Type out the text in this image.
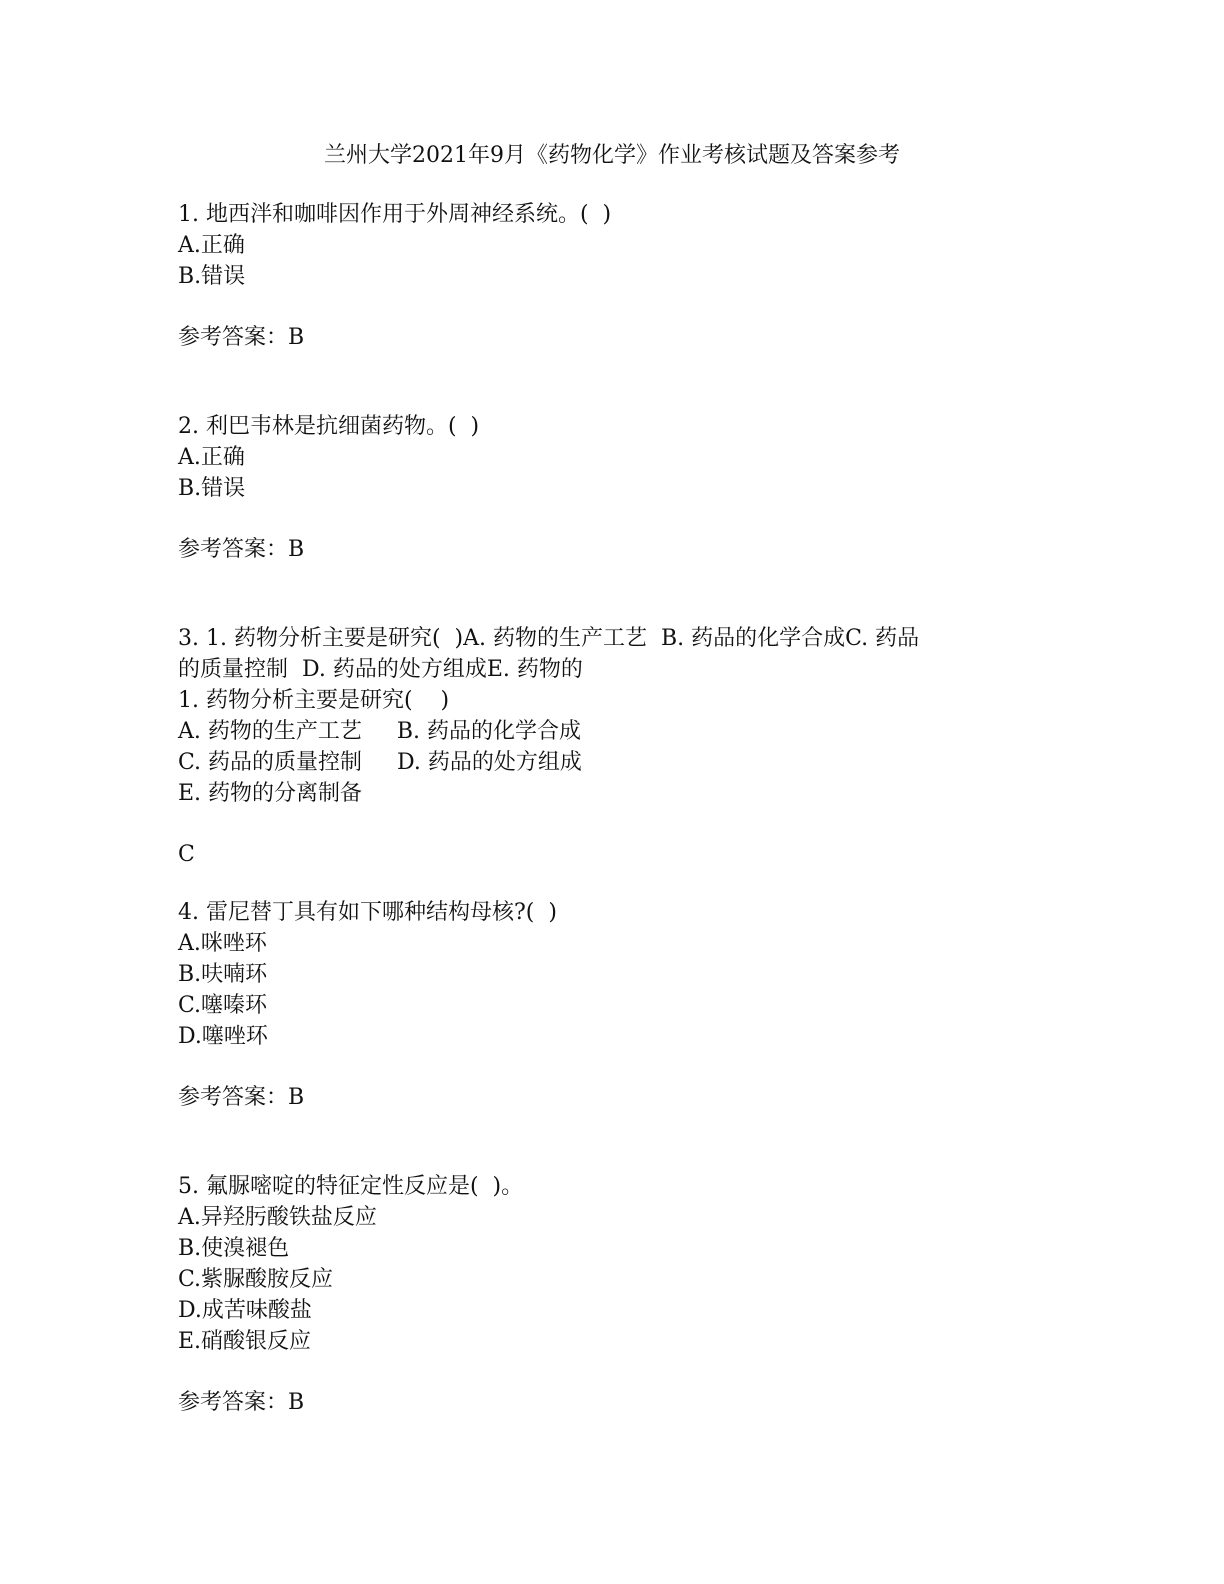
兰州大学2021年9月《药物化学》作业考核试题及答案参考
1. 地西泮和咖啡因作用于外周神经系统。(  )
A.正确
B.错误
参考答案：B
2. 利巴韦林是抗细菌药物。(  )
A.正确
B.错误
参考答案：B
3. 1. 药物分析主要是研究(  )A. 药物的生产工艺  B. 药品的化学合成C. 药品
的质量控制  D. 药品的处方组成E. 药物的
1. 药物分析主要是研究(    )
A. 药物的生产工艺     B. 药品的化学合成
C. 药品的质量控制     D. 药品的处方组成
E. 药物的分离制备
C
4. 雷尼替丁具有如下哪种结构母核?(  )
A.咪唑环
B.呋喃环
C.噻嗪环
D.噻唑环
参考答案：B
5. 氟脲嘧啶的特征定性反应是(  )。
A.异羟肟酸铁盐反应
B.使溴褪色
C.紫脲酸胺反应
D.成苦味酸盐
E.硝酸银反应
参考答案：B
